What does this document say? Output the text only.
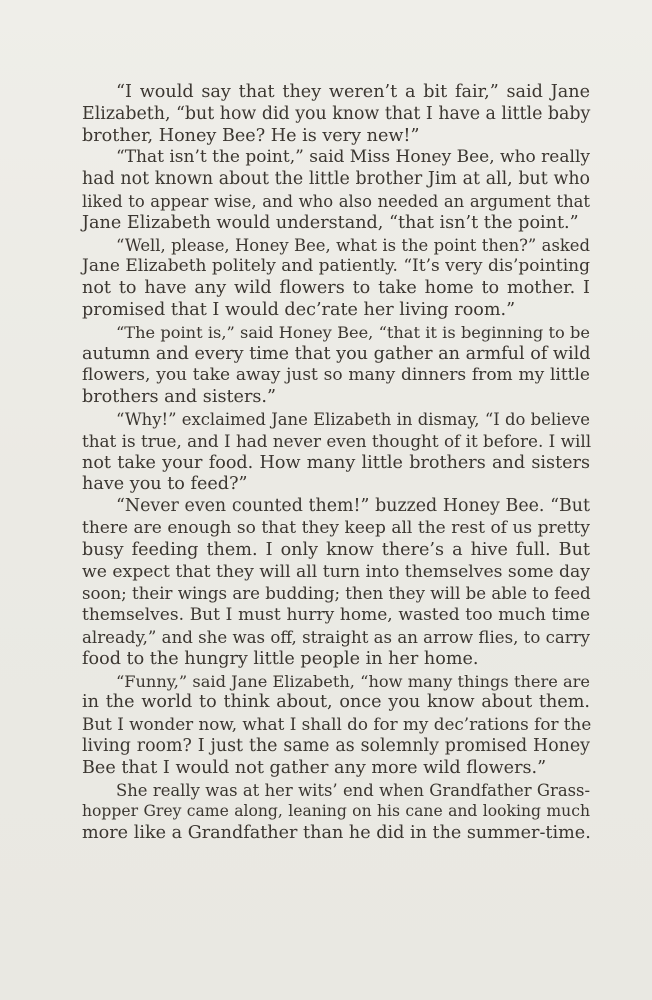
“I would say that they weren’t a bit fair,” said Jane
Elizabeth, “but how did you know that I have a little baby
brother, Honey Bee? He is very new!”
“That isn’t the point,” said Miss Honey Bee, who really
had not known about the little brother Jim at all, but who
liked to appear wise, and who also needed an argument that
Jane Elizabeth would understand, “that isn’t the point.”
“Well, please, Honey Bee, what is the point then?” asked
Jane Elizabeth politely and patiently. “It’s very dis’pointing
not to have any wild flowers to take home to mother. I
promised that I would dec’rate her living room.”
“The point is,” said Honey Bee, “that it is beginning to be
autumn and every time that you gather an armful of wild
flowers, you take away just so many dinners from my little
brothers and sisters.”
“Why!” exclaimed Jane Elizabeth in dismay, “I do believe
that is true, and I had never even thought of it before. I will
not take your food. How many little brothers and sisters
have you to feed?”
“Never even counted them!” buzzed Honey Bee. “But
there are enough so that they keep all the rest of us pretty
busy feeding them. I only know there’s a hive full. But
we expect that they will all turn into themselves some day
soon; their wings are budding; then they will be able to feed
themselves. But I must hurry home, wasted too much time
already,” and she was off, straight as an arrow flies, to carry
food to the hungry little people in her home.
“Funny,” said Jane Elizabeth, “how many things there are
in the world to think about, once you know about them.
But I wonder now, what I shall do for my dec’rations for the
living room? I just the same as solemnly promised Honey
Bee that I would not gather any more wild flowers.”
She really was at her wits’ end when Grandfather Grass-
hopper Grey came along, leaning on his cane and looking much
more like a Grandfather than he did in the summer-time.
